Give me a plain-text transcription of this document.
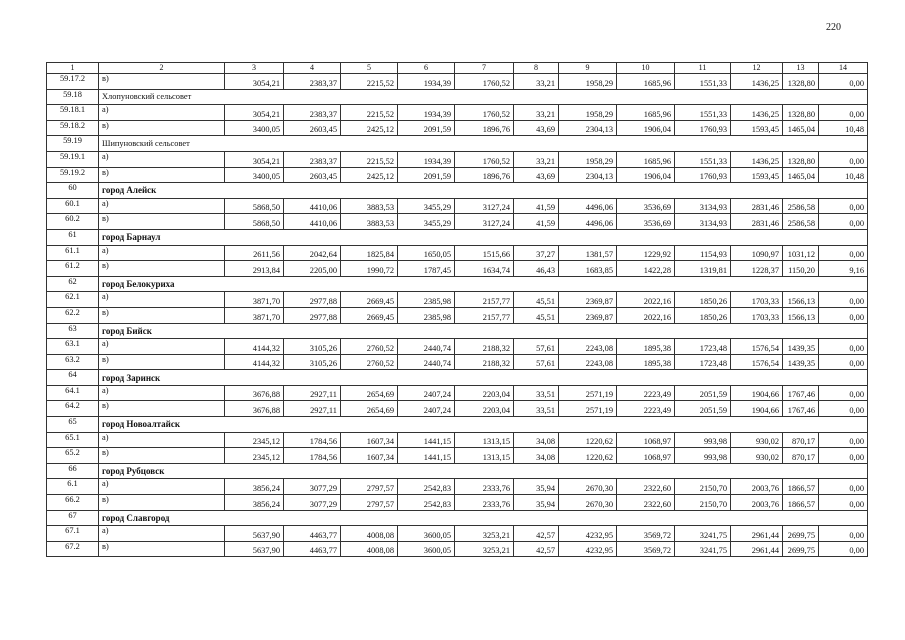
220
1	2	3	4	5	6	7	8	9	10	11	12	13	14
59.17.2	в)	3054,21	2383,37	2215,52	1934,39	1760,52	33,21	1958,29	1685,96	1551,33	1436,25	1328,80	0,00
59.18	Хлопуновский сельсовет												
59.18.1	а)	3054,21	2383,37	2215,52	1934,39	1760,52	33,21	1958,29	1685,96	1551,33	1436,25	1328,80	0,00
59.18.2	в)	3400,05	2603,45	2425,12	2091,59	1896,76	43,69	2304,13	1906,04	1760,93	1593,45	1465,04	10,48
59.19	Шипуновский сельсовет												
59.19.1	а)	3054,21	2383,37	2215,52	1934,39	1760,52	33,21	1958,29	1685,96	1551,33	1436,25	1328,80	0,00
59.19.2	в)	3400,05	2603,45	2425,12	2091,59	1896,76	43,69	2304,13	1906,04	1760,93	1593,45	1465,04	10,48
60	город Алейск												
60.1	а)	5868,50	4410,06	3883,53	3455,29	3127,24	41,59	4496,06	3536,69	3134,93	2831,46	2586,58	0,00
60.2	в)	5868,50	4410,06	3883,53	3455,29	3127,24	41,59	4496,06	3536,69	3134,93	2831,46	2586,58	0,00
61	город Барнаул												
61.1	а)	2611,56	2042,64	1825,84	1650,05	1515,66	37,27	1381,57	1229,92	1154,93	1090,97	1031,12	0,00
61.2	в)	2913,84	2205,00	1990,72	1787,45	1634,74	46,43	1683,85	1422,28	1319,81	1228,37	1150,20	9,16
62	город Белокуриха												
62.1	а)	3871,70	2977,88	2669,45	2385,98	2157,77	45,51	2369,87	2022,16	1850,26	1703,33	1566,13	0,00
62.2	в)	3871,70	2977,88	2669,45	2385,98	2157,77	45,51	2369,87	2022,16	1850,26	1703,33	1566,13	0,00
63	город Бийск												
63.1	а)	4144,32	3105,26	2760,52	2440,74	2188,32	57,61	2243,08	1895,38	1723,48	1576,54	1439,35	0,00
63.2	в)	4144,32	3105,26	2760,52	2440,74	2188,32	57,61	2243,08	1895,38	1723,48	1576,54	1439,35	0,00
64	город Заринск												
64.1	а)	3676,88	2927,11	2654,69	2407,24	2203,04	33,51	2571,19	2223,49	2051,59	1904,66	1767,46	0,00
64.2	в)	3676,88	2927,11	2654,69	2407,24	2203,04	33,51	2571,19	2223,49	2051,59	1904,66	1767,46	0,00
65	город Новоалтайск												
65.1	а)	2345,12	1784,56	1607,34	1441,15	1313,15	34,08	1220,62	1068,97	993,98	930,02	870,17	0,00
65.2	в)	2345,12	1784,56	1607,34	1441,15	1313,15	34,08	1220,62	1068,97	993,98	930,02	870,17	0,00
66	город Рубцовск												
6.1	а)	3856,24	3077,29	2797,57	2542,83	2333,76	35,94	2670,30	2322,60	2150,70	2003,76	1866,57	0,00
66.2	в)	3856,24	3077,29	2797,57	2542,83	2333,76	35,94	2670,30	2322,60	2150,70	2003,76	1866,57	0,00
67	город Славгород												
67.1	а)	5637,90	4463,77	4008,08	3600,05	3253,21	42,57	4232,95	3569,72	3241,75	2961,44	2699,75	0,00
67.2	в)	5637,90	4463,77	4008,08	3600,05	3253,21	42,57	4232,95	3569,72	3241,75	2961,44	2699,75	0,00
